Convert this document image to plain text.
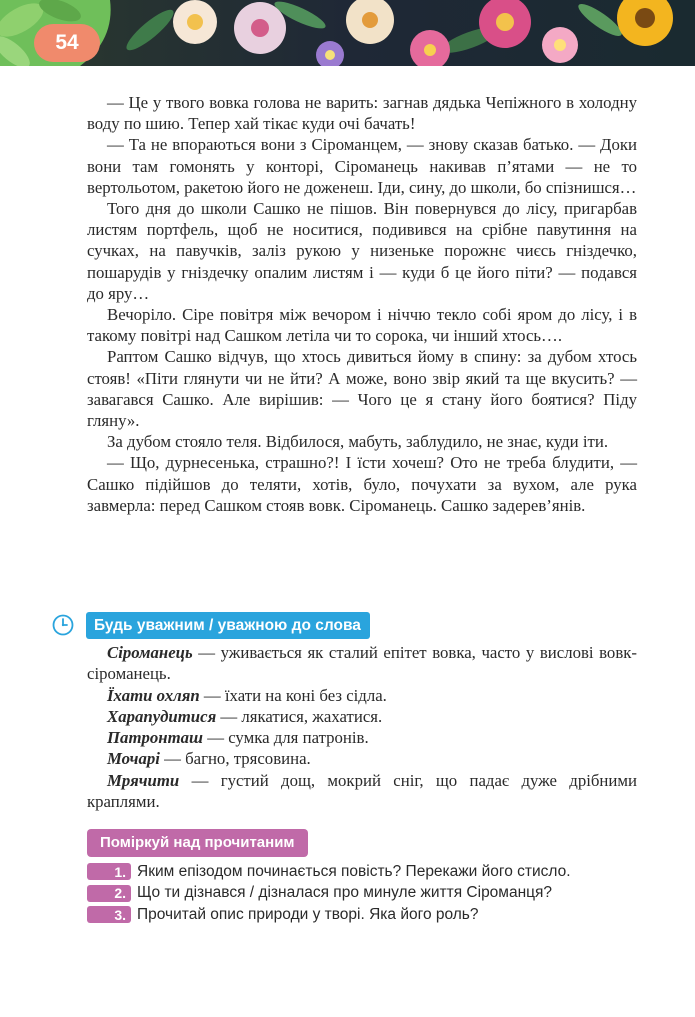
54

— Це у твого вовка голова не варить: загнав дядька Чепіжного в холодну воду по шию. Тепер хай тікає куди очі бачать!

— Та не впораються вони з Сіроманцем, — знову сказав батько. — Доки вони там гомонять у конторі, Сіроманець накивав п’ятами — не то вертольотом, ракетою його не доженеш. Іди, сину, до школи, бо спізнишся…

Того дня до школи Сашко не пішов. Він повернувся до лісу, пригарбав листям портфель, щоб не носитися, подивився на срібне павутиння на сучках, на павучків, заліз рукою у низеньке порожнє чиєсь гніздечко, пошарудів у гніздечку опалим листям і — куди б це його піти? — подався до яру…

Вечоріло. Сіре повітря між вечором і ніччю текло собі яром до лісу, і в такому повітрі над Сашком летіла чи то сорока, чи інший хтось….

Раптом Сашко відчув, що хтось дивиться йому в спину: за дубом хтось стояв! «Піти глянути чи не йти? А може, воно звір який та ще вкусить? — завагався Сашко. Але вирішив: — Чого це я стану його боятися? Піду гляну».

За дубом стояло теля. Відбилося, мабуть, заблудило, не знає, куди іти.

— Що, дурнесенька, страшно?! І їсти хочеш? Ото не треба блудити, — Сашко підійшов до теляти, хотів, було, почухати за вухом, але рука завмерла: перед Сашком стояв вовк. Сіроманець. Сашко задерев’янів.

Будь уважним / уважною до слова

Сіроманець — уживається як сталий епітет вовка, часто у вислові вовк-сіроманець.

Їхати охляп — їхати на коні без сідла.

Харапудитися — лякатися, жахатися.

Патронташ — сумка для патронів.

Мочарі — багно, трясовина.

Мрячити — густий дощ, мокрий сніг, що падає дуже дрібними краплями.

Поміркуй над прочитаним
1. Яким епізодом починається повість? Перекажи його стисло.
2. Що ти дізнався / дізналася про минуле життя Сіроманця?
3. Прочитай опис природи у творі. Яка його роль?
